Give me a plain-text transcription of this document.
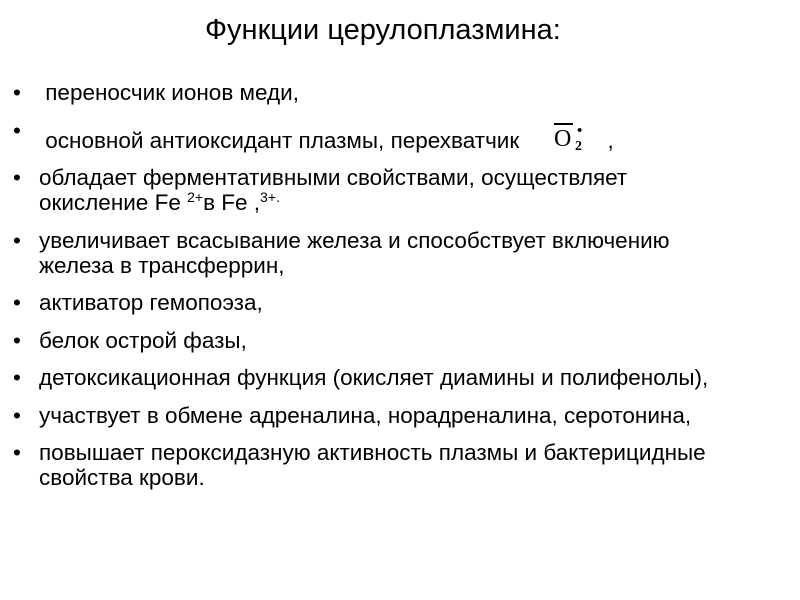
Функции церулоплазмина:
• переносчик ионов меди,
• основной антиоксидант плазмы, перехватчик O •
2 ,
• обладает ферментативными свойствами, осуществляет окисление Fe $^{2+}$в Fe ,$^{3+.}$
• увеличивает всасывание железа и способствует включению железа в трансферрин,
• активатор гемопоэза,
• белок острой фазы,
• детоксикационная функция (окисляет диамины и полифенолы),
• участвует в обмене адреналина, норадреналина, серотонина,
• повышает пероксидазную активность плазмы и бактерицидные свойства крови.
